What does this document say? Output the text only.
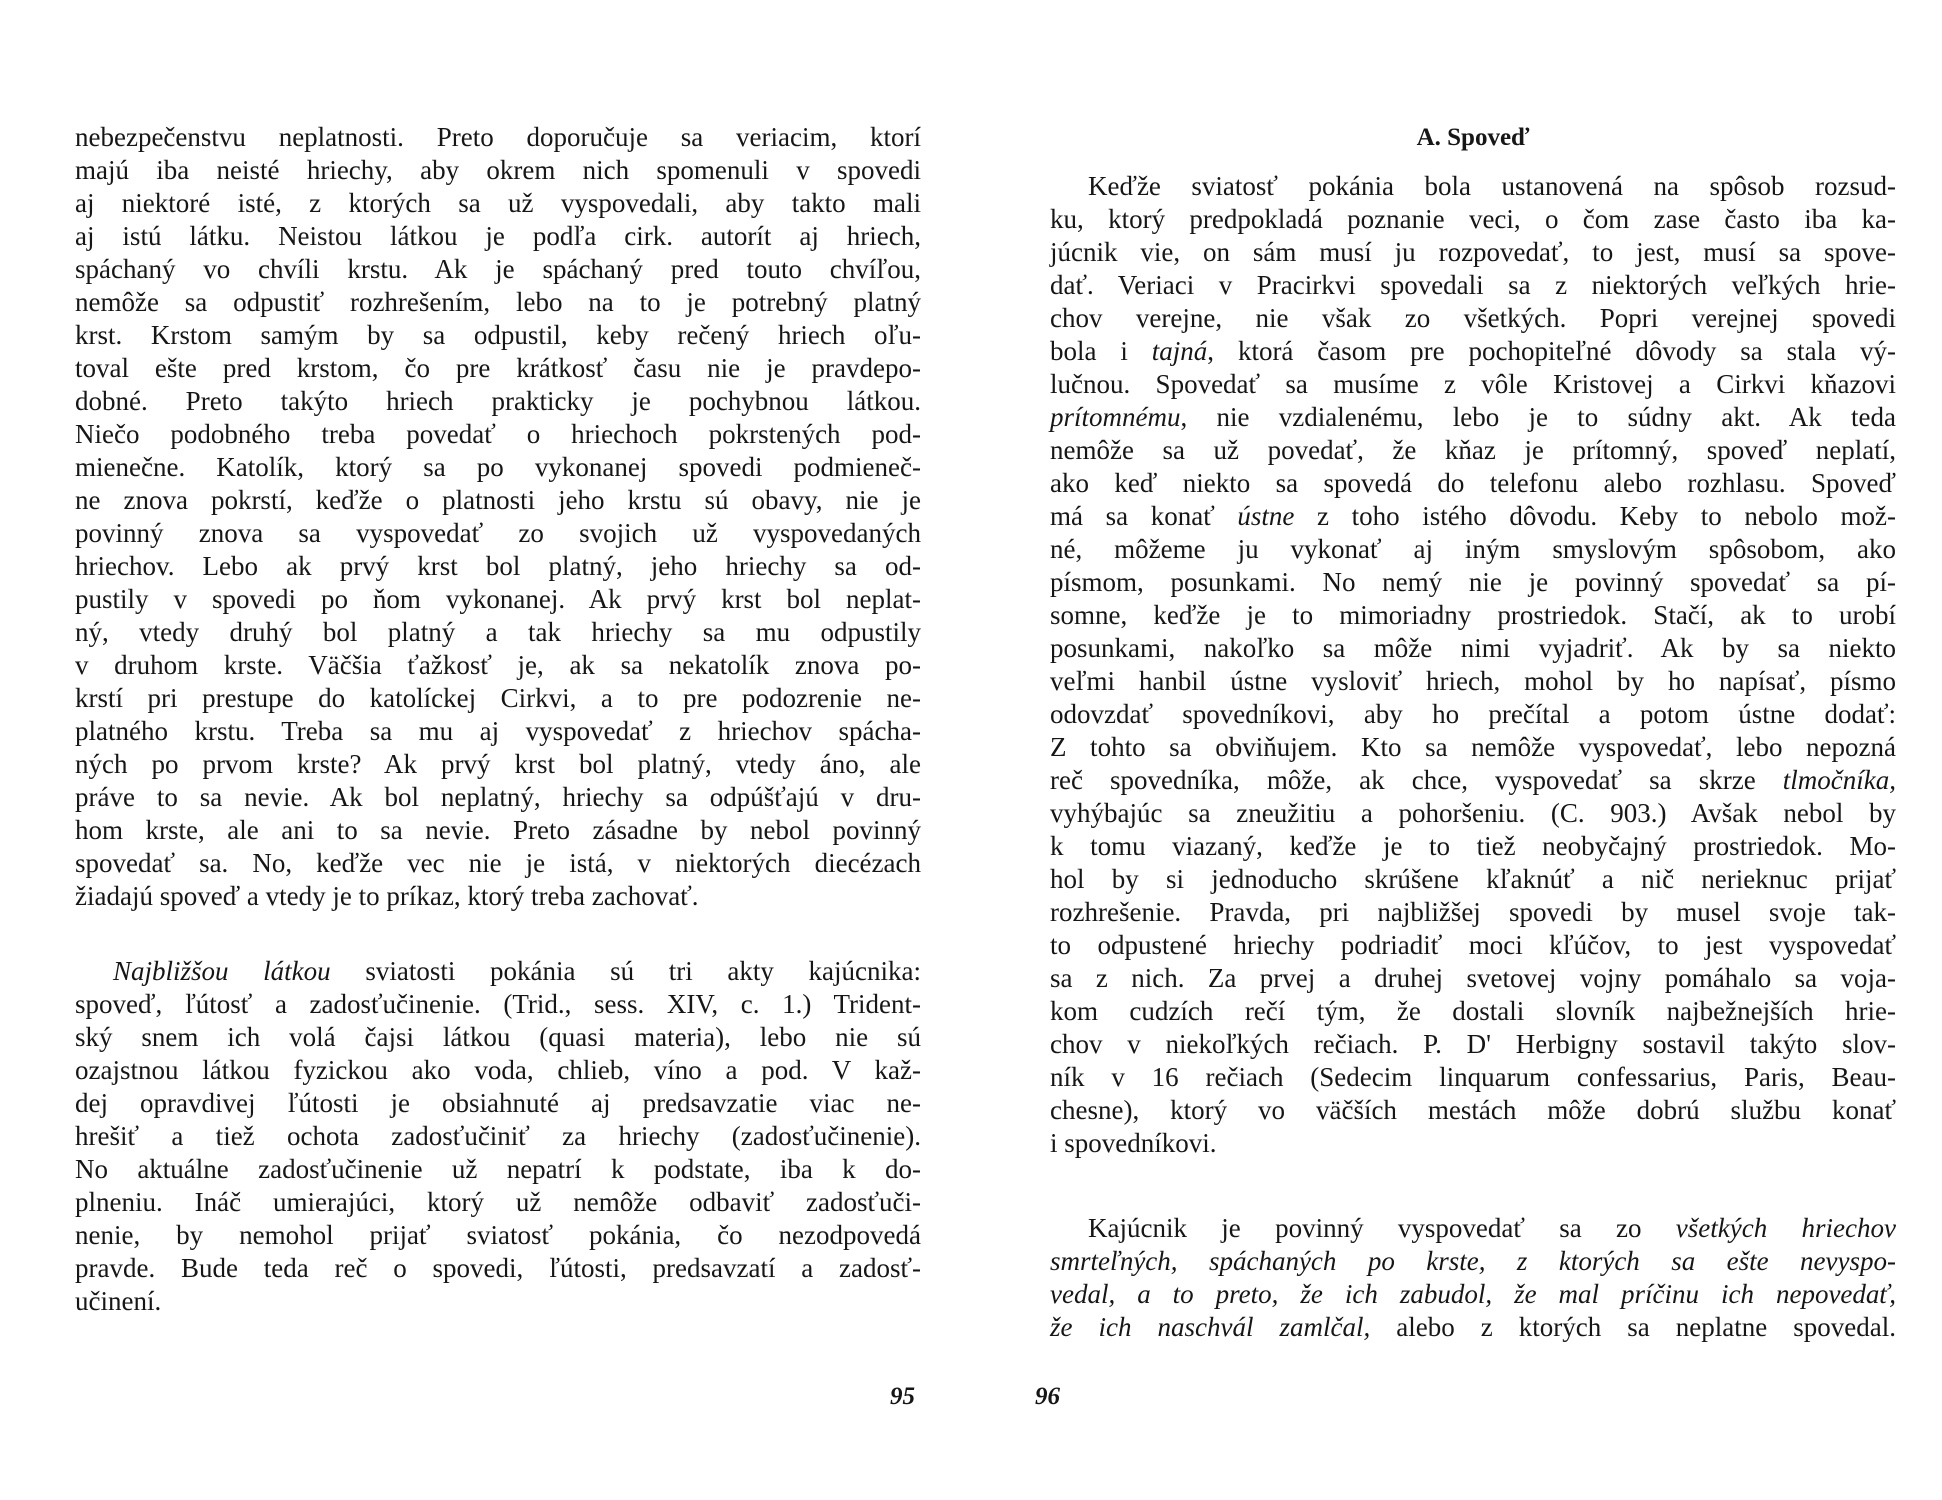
nebezpečenstvu neplatnosti. Preto doporučuje sa veriacim, ktorí
majú iba neisté hriechy, aby okrem nich spomenuli v spovedi
aj niektoré isté, z ktorých sa už vyspovedali, aby takto mali
aj istú látku. Neistou látkou je podľa cirk. autorít aj hriech,
spáchaný vo chvíli krstu. Ak je spáchaný pred touto chvíľou,
nemôže sa odpustiť rozhrešením, lebo na to je potrebný platný
krst. Krstom samým by sa odpustil, keby rečený hriech oľu-
toval ešte pred krstom, čo pre krátkosť času nie je pravdepo-
dobné. Preto takýto hriech prakticky je pochybnou látkou.
Niečo podobného treba povedať o hriechoch pokrstených pod-
mienečne. Katolík, ktorý sa po vykonanej spovedi podmieneč-
ne znova pokrstí, keďže o platnosti jeho krstu sú obavy, nie je
povinný znova sa vyspovedať zo svojich už vyspovedaných
hriechov. Lebo ak prvý krst bol platný, jeho hriechy sa od-
pustily v spovedi po ňom vykonanej. Ak prvý krst bol neplat-
ný, vtedy druhý bol platný a tak hriechy sa mu odpustily
v druhom krste. Väčšia ťažkosť je, ak sa nekatolík znova po-
krstí pri prestupe do katolíckej Cirkvi, a to pre podozrenie ne-
platného krstu. Treba sa mu aj vyspovedať z hriechov spácha-
ných po prvom krste? Ak prvý krst bol platný, vtedy áno, ale
práve to sa nevie. Ak bol neplatný, hriechy sa odpúšťajú v dru-
hom krste, ale ani to sa nevie. Preto zásadne by nebol povinný
spovedať sa. No, keďže vec nie je istá, v niektorých diecézach
žiadajú spoveď a vtedy je to príkaz, ktorý treba zachovať.
Najbližšou látkou sviatosti pokánia sú tri akty kajúcnika:
spoveď, ľútosť a zadosťučinenie. (Trid., sess. XIV, c. 1.) Trident-
ský snem ich volá čajsi látkou (quasi materia), lebo nie sú
ozajstnou látkou fyzickou ako voda, chlieb, víno a pod. V kaž-
dej opravdivej ľútosti je obsiahnuté aj predsavzatie viac ne-
hrešiť a tiež ochota zadosťučiniť za hriechy (zadosťučinenie).
No aktuálne zadosťučinenie už nepatrí k podstate, iba k do-
plneniu. Ináč umierajúci, ktorý už nemôže odbaviť zadosťuči-
nenie, by nemohol prijať sviatosť pokánia, čo nezodpovedá
pravde. Bude teda reč o spovedi, ľútosti, predsavzatí a zadosť-
učinení.
A. Spoveď
Keďže sviatosť pokánia bola ustanovená na spôsob rozsud-
ku, ktorý predpokladá poznanie veci, o čom zase často iba ka-
júcnik vie, on sám musí ju rozpovedať, to jest, musí sa spove-
dať. Veriaci v Pracirkvi spovedali sa z niektorých veľkých hrie-
chov verejne, nie však zo všetkých. Popri verejnej spovedi
bola i tajná, ktorá časom pre pochopiteľné dôvody sa stala vý-
lučnou. Spovedať sa musíme z vôle Kristovej a Cirkvi kňazovi
prítomnému, nie vzdialenému, lebo je to súdny akt. Ak teda
nemôže sa už povedať, že kňaz je prítomný, spoveď neplatí,
ako keď niekto sa spovedá do telefonu alebo rozhlasu. Spoveď
má sa konať ústne z toho istého dôvodu. Keby to nebolo mož-
né, môžeme ju vykonať aj iným smyslovým spôsobom, ako
písmom, posunkami. No nemý nie je povinný spovedať sa pí-
somne, keďže je to mimoriadny prostriedok. Stačí, ak to urobí
posunkami, nakoľko sa môže nimi vyjadriť. Ak by sa niekto
veľmi hanbil ústne vysloviť hriech, mohol by ho napísať, písmo
odovzdať spovedníkovi, aby ho prečítal a potom ústne dodať:
Z tohto sa obviňujem. Kto sa nemôže vyspovedať, lebo nepozná
reč spovedníka, môže, ak chce, vyspovedať sa skrze tlmočníka,
vyhýbajúc sa zneužitiu a pohoršeniu. (C. 903.) Avšak nebol by
k tomu viazaný, keďže je to tiež neobyčajný prostriedok. Mo-
hol by si jednoducho skrúšene kľaknúť a nič nerieknuc prijať
rozhrešenie. Pravda, pri najbližšej spovedi by musel svoje tak-
to odpustené hriechy podriadiť moci kľúčov, to jest vyspovedať
sa z nich. Za prvej a druhej svetovej vojny pomáhalo sa voja-
kom cudzích rečí tým, že dostali slovník najbežnejších hrie-
chov v niekoľkých rečiach. P. D' Herbigny sostavil takýto slov-
ník v 16 rečiach (Sedecim linquarum confessarius, Paris, Beau-
chesne), ktorý vo väčších mestách môže dobrú službu konať
i spovedníkovi.
Kajúcnik je povinný vyspovedať sa zo všetkých hriechov
smrteľných, spáchaných po krste, z ktorých sa ešte nevyspo-
vedal, a to preto, že ich zabudol, že mal príčinu ich nepovedať,
že ich naschvál zamlčal, alebo z ktorých sa neplatne spovedal.
95	96
